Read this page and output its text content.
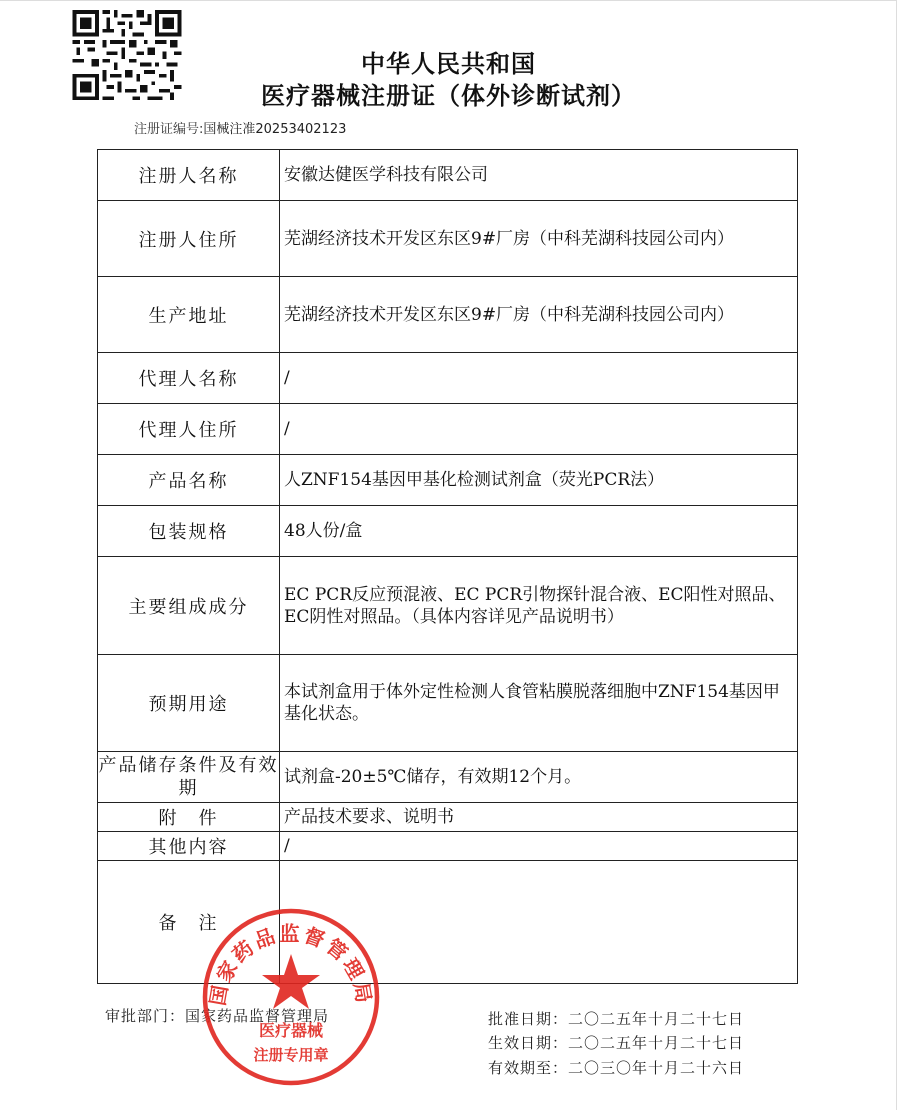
中华人民共和国
医疗器械注册证（体外诊断试剂）
注册证编号:国械注准20253402123
注册人名称	安徽达健医学科技有限公司
注册人住所	芜湖经济技术开发区东区9#厂房（中科芜湖科技园公司内）
生产地址	芜湖经济技术开发区东区9#厂房（中科芜湖科技园公司内）
代理人名称	/
代理人住所	/
产品名称	人ZNF154基因甲基化检测试剂盒（荧光PCR法）
包装规格	48人份/盒
主要组成成分	EC PCR反应预混液、EC PCR引物探针混合液、EC阳性对照品、EC阴性对照品。（具体内容详见产品说明书）
预期用途	本试剂盒用于体外定性检测人食管粘膜脱落细胞中ZNF154基因甲基化状态。
产品储存条件及有效期	试剂盒-20±5℃储存，有效期12个月。
附　件	产品技术要求、说明书
其他内容	/
备　注	
审批部门：国家药品监督管理局	批准日期：二〇二五年十月二十七日
生效日期：二〇二五年十月二十七日
有效期至：二〇三〇年十月二十六日
国家药品监督管理局
医疗器械
注册专用章
